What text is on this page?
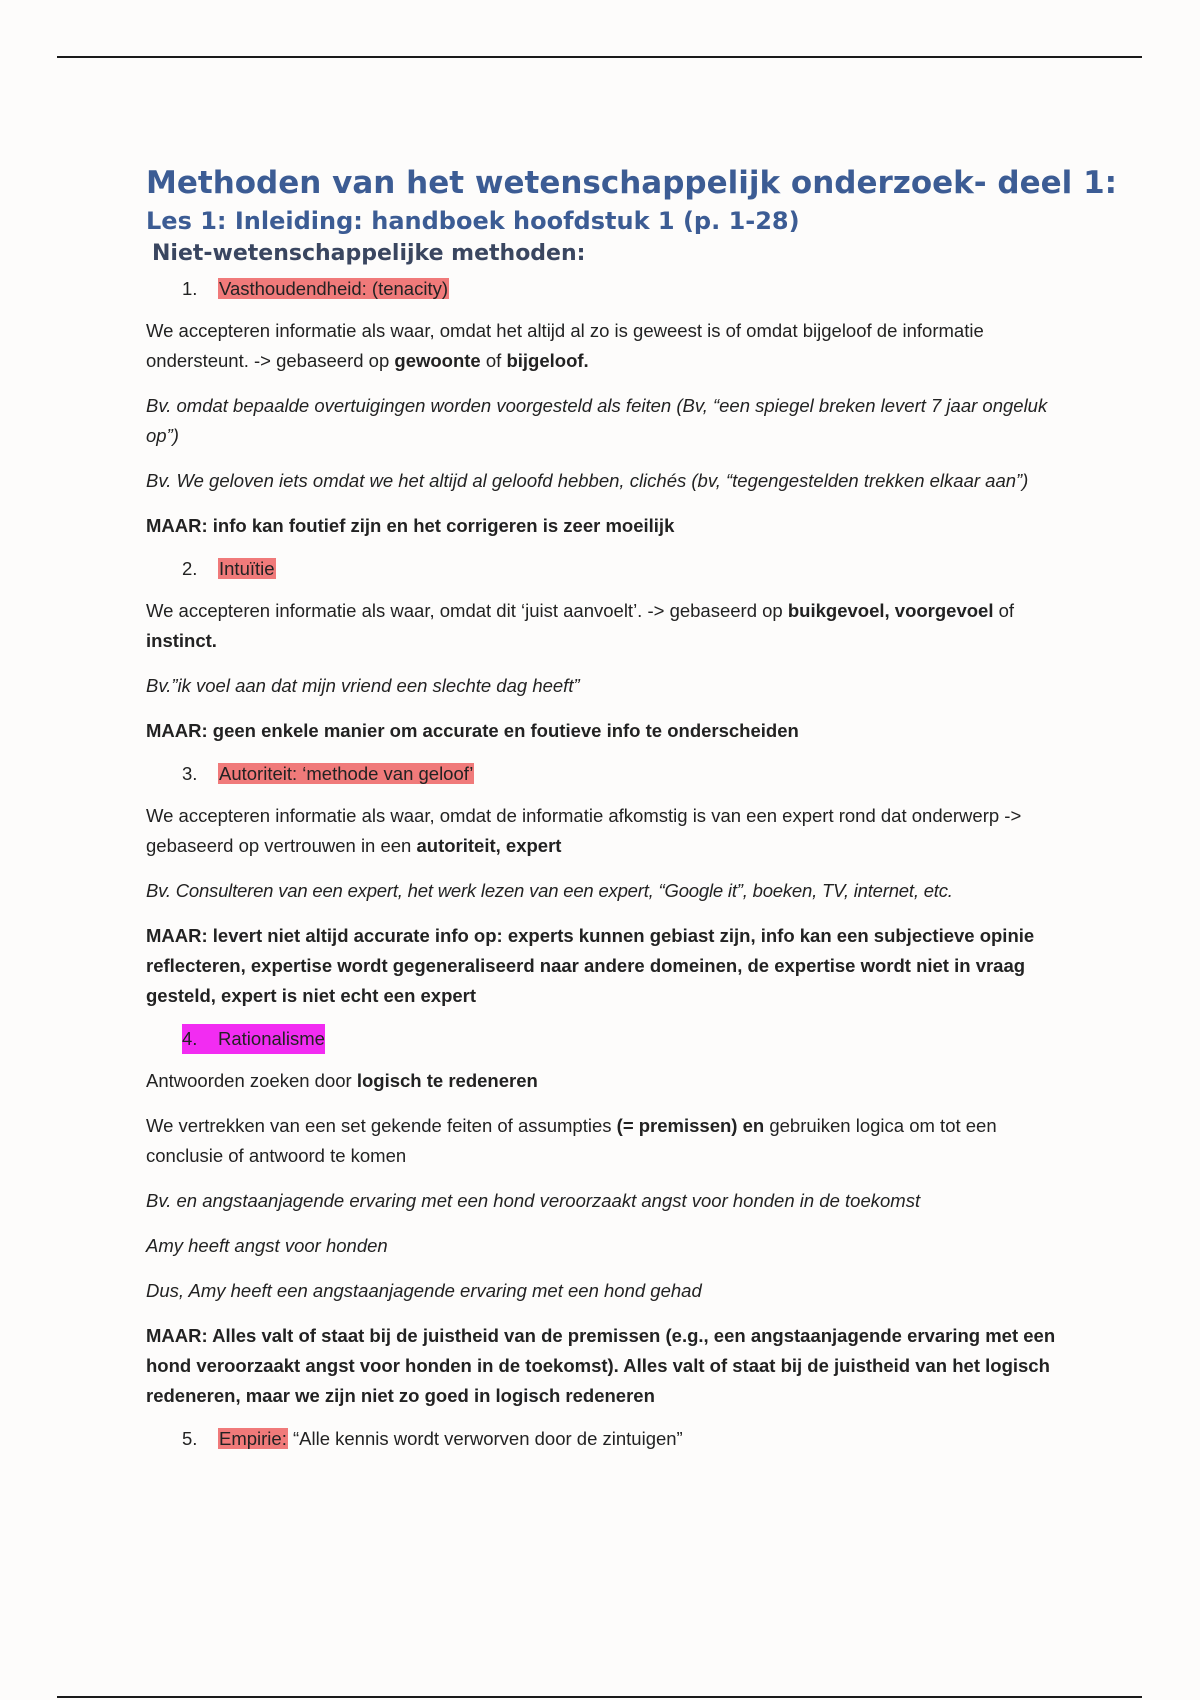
Methoden van het wetenschappelijk onderzoek- deel 1:
Les 1: Inleiding: handboek hoofdstuk 1 (p. 1-28)
Niet-wetenschappelijke methoden:
1. Vasthoudendheid: (tenacity)

We accepteren informatie als waar, omdat het altijd al zo is geweest is of omdat bijgeloof de informatie ondersteunt. -> gebaseerd op gewoonte of bijgeloof.

Bv. omdat bepaalde overtuigingen worden voorgesteld als feiten (Bv, “een spiegel breken levert 7 jaar ongeluk op”)

Bv. We geloven iets omdat we het altijd al geloofd hebben, clichés (bv, “tegengestelden trekken elkaar aan”)

MAAR: info kan foutief zijn en het corrigeren is zeer moeilijk

2. Intuïtie

We accepteren informatie als waar, omdat dit ‘juist aanvoelt’. -> gebaseerd op buikgevoel, voorgevoel of instinct.

Bv.”ik voel aan dat mijn vriend een slechte dag heeft”

MAAR: geen enkele manier om accurate en foutieve info te onderscheiden

3. Autoriteit: ‘methode van geloof’

We accepteren informatie als waar, omdat de informatie afkomstig is van een expert rond dat onderwerp -> gebaseerd op vertrouwen in een autoriteit, expert

Bv. Consulteren van een expert, het werk lezen van een expert, “Google it”, boeken, TV, internet, etc.

MAAR: levert niet altijd accurate info op: experts kunnen gebiast zijn, info kan een subjectieve opinie reflecteren, expertise wordt gegeneraliseerd naar andere domeinen, de expertise wordt niet in vraag gesteld, expert is niet echt een expert

4. Rationalisme

Antwoorden zoeken door logisch te redeneren

We vertrekken van een set gekende feiten of assumpties (= premissen) en gebruiken logica om tot een conclusie of antwoord te komen

Bv. en angstaanjagende ervaring met een hond veroorzaakt angst voor honden in de toekomst

Amy heeft angst voor honden

Dus, Amy heeft een angstaanjagende ervaring met een hond gehad

MAAR: Alles valt of staat bij de juistheid van de premissen (e.g., een angstaanjagende ervaring met een hond veroorzaakt angst voor honden in de toekomst). Alles valt of staat bij de juistheid van het logisch redeneren, maar we zijn niet zo goed in logisch redeneren

5. Empirie: “Alle kennis wordt verworven door de zintuigen”
